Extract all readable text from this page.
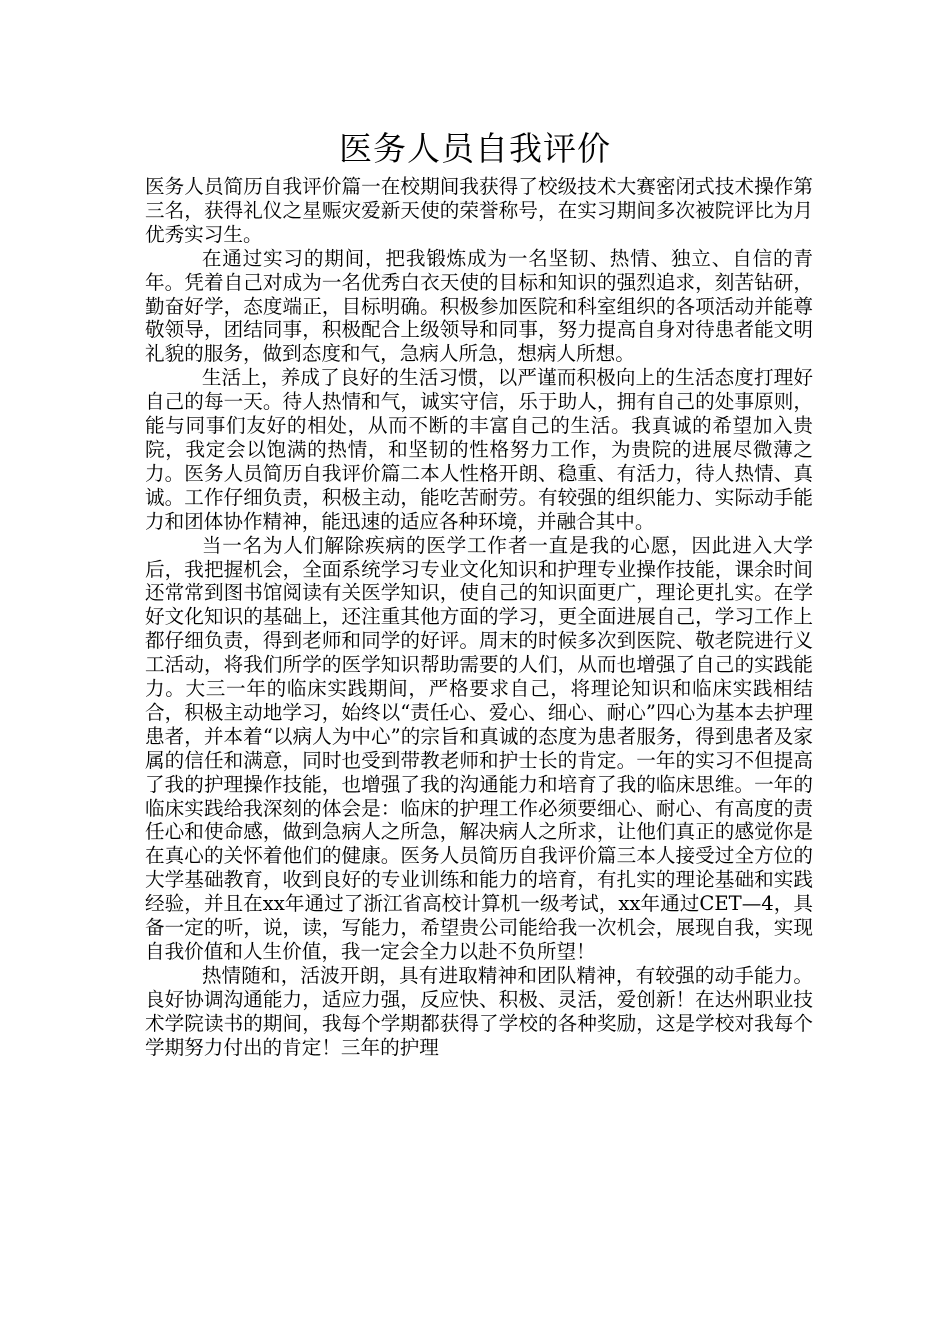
医务人员自我评价

医务人员简历自我评价篇一在校期间我获得了校级技术大赛密闭式技术操作第三名，获得礼仪之星赈灾爱新天使的荣誉称号，在实习期间多次被院评比为月优秀实习生。

在通过实习的期间，把我锻炼成为一名坚韧、热情、独立、自信的青年。凭着自己对成为一名优秀白衣天使的目标和知识的强烈追求，刻苦钻研，勤奋好学，态度端正，目标明确。积极参加医院和科室组织的各项活动并能尊敬领导，团结同事，积极配合上级领导和同事，努力提高自身对待患者能文明礼貌的服务，做到态度和气，急病人所急，想病人所想。

生活上，养成了良好的生活习惯，以严谨而积极向上的生活态度打理好自己的每一天。待人热情和气，诚实守信，乐于助人，拥有自己的处事原则，能与同事们友好的相处，从而不断的丰富自己的生活。我真诚的希望加入贵院，我定会以饱满的热情，和坚韧的性格努力工作，为贵院的进展尽微薄之力。医务人员简历自我评价篇二本人性格开朗、稳重、有活力，待人热情、真诚。工作仔细负责，积极主动，能吃苦耐劳。有较强的组织能力、实际动手能力和团体协作精神，能迅速的适应各种环境，并融合其中。

当一名为人们解除疾病的医学工作者一直是我的心愿，因此进入大学后，我把握机会，全面系统学习专业文化知识和护理专业操作技能，课余时间还常常到图书馆阅读有关医学知识，使自己的知识面更广，理论更扎实。在学好文化知识的基础上，还注重其他方面的学习，更全面进展自己，学习工作上都仔细负责，得到老师和同学的好评。周末的时候多次到医院、敬老院进行义工活动，将我们所学的医学知识帮助需要的人们，从而也增强了自己的实践能力。大三一年的临床实践期间，严格要求自己，将理论知识和临床实践相结合，积极主动地学习，始终以“责任心、爱心、细心、耐心”四心为基本去护理患者，并本着“以病人为中心”的宗旨和真诚的态度为患者服务，得到患者及家属的信任和满意，同时也受到带教老师和护士长的肯定。一年的实习不但提高了我的护理操作技能，也增强了我的沟通能力和培育了我的临床思维。一年的临床实践给我深刻的体会是：临床的护理工作必须要细心、耐心、有高度的责任心和使命感，做到急病人之所急，解决病人之所求，让他们真正的感觉你是在真心的关怀着他们的健康。医务人员简历自我评价篇三本人接受过全方位的大学基础教育，收到良好的专业训练和能力的培育，有扎实的理论基础和实践经验，并且在xx年通过了浙江省高校计算机一级考试，xx年通过CET—4，具备一定的听，说，读，写能力，希望贵公司能给我一次机会，展现自我，实现自我价值和人生价值，我一定会全力以赴不负所望！

热情随和，活波开朗，具有进取精神和团队精神，有较强的动手能力。良好协调沟通能力，适应力强，反应快、积极、灵活，爱创新！在达州职业技术学院读书的期间，我每个学期都获得了学校的各种奖励，这是学校对我每个学期努力付出的肯定！三年的护理
